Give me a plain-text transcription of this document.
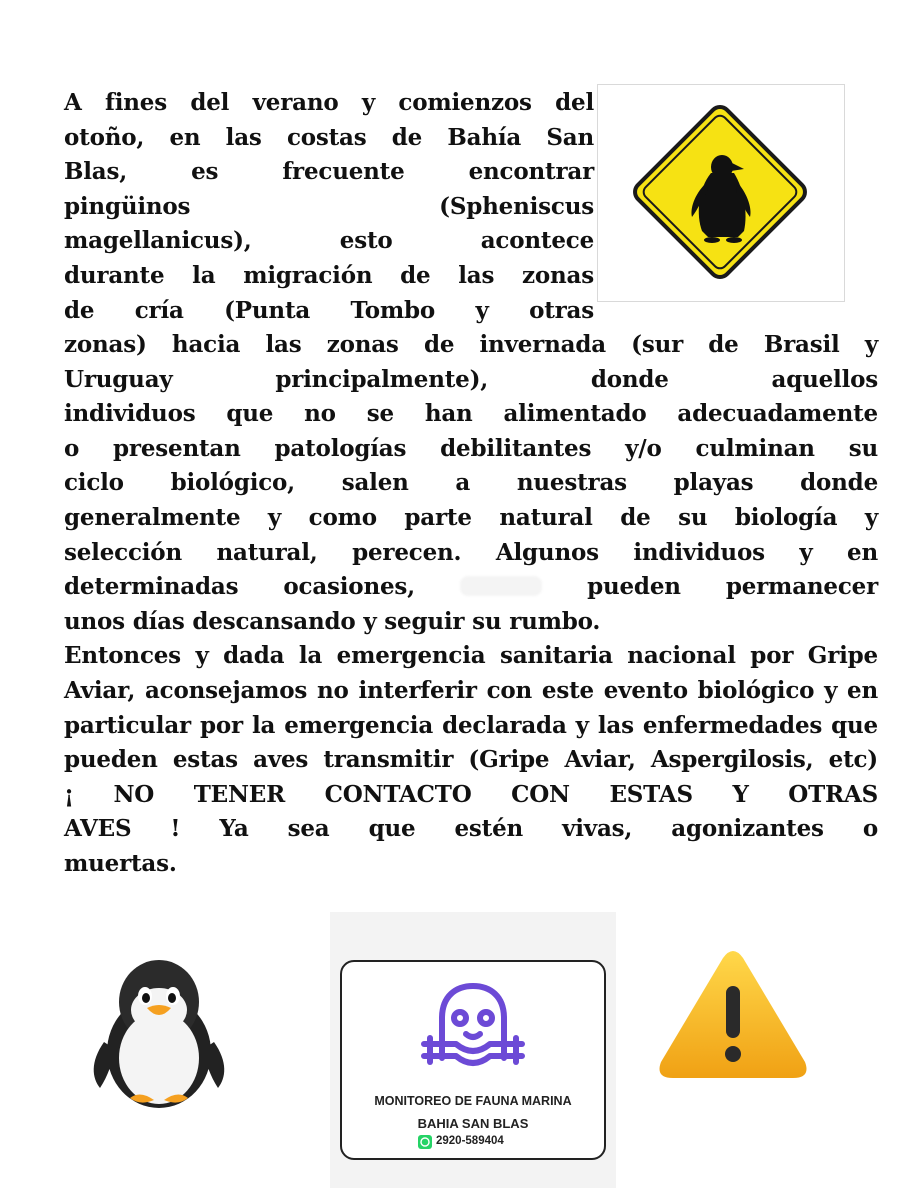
A fines del verano y comienzos del
otoño, en las costas de Bahía San
Blas, es frecuente encontrar
pingüinos (Spheniscus
magellanicus), esto acontece
durante la migración de las zonas
de cría (Punta Tombo y otras
zonas) hacia las zonas de invernada (sur de Brasil y
Uruguay principalmente), donde aquellos
individuos que no se han alimentado adecuadamente
o presentan patologías debilitantes y/o culminan su
ciclo biológico, salen a nuestras playas donde
generalmente y como parte natural de su biología y
selección natural, perecen. Algunos individuos y en
determinadas ocasiones,	pueden permanecer
unos días descansando y seguir su rumbo.
Entonces y dada la emergencia sanitaria nacional por Gripe Aviar, aconsejamos no interferir con este evento biológico y en particular por la emergencia declarada y las enfermedades que pueden estas aves transmitir (Gripe Aviar, Aspergilosis, etc)
¡ NO TENER CONTACTO CON ESTAS Y OTRAS
AVES ! Ya sea que estén vivas, agonizantes o
muertas.
MONITOREO DE FAUNA MARINA
BAHIA SAN BLAS
2920-589404
